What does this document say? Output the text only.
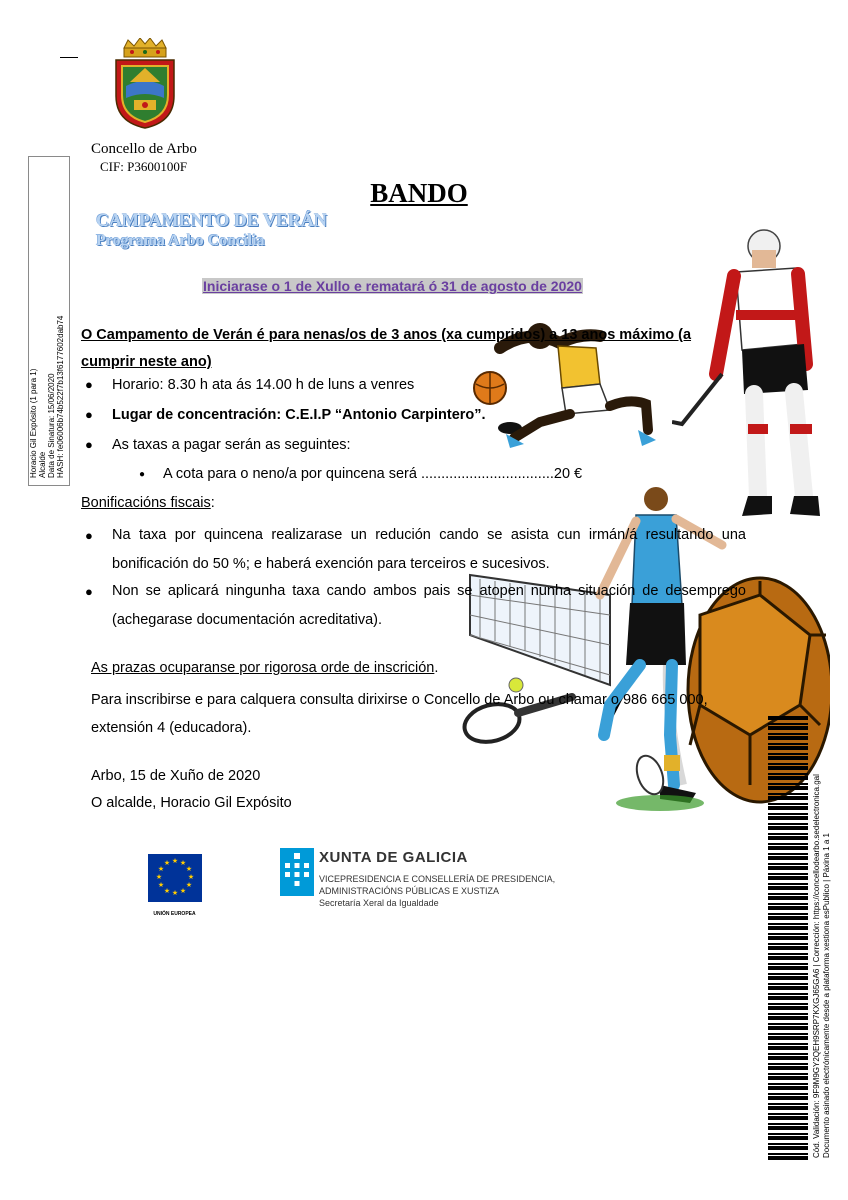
Concello de Arbo
CIF: P3600100F
BANDO
CAMPAMENTO DE VERÁN
Programa Arbo Concilia
Iniciarase o 1 de Xullo e rematará ó 31 de agosto de 2020
Horacio Gil Expósito (1 para 1) Alcalde Data de Sinatura: 15/06/2020 HASH: fe06006b74b522f7b13f6177602dab74 O Campamento de Verán é para nenas/os de 3 anos (xa cumpridos) a 13 anos máximo (a cumprir neste ano)
● Horario: 8.30 h ata ás 14.00 h de luns a venres
● Lugar de concentración: C.E.I.P “Antonio Carpintero”.
● As taxas a pagar serán as seguintes:
● A cota para o neno/a por quincena será .................................20 €
Bonificacións fiscais:
● Na taxa por quincena realizarase un redución cando se asista cun irmán/á resultando una bonificación do 50 %; e haberá exención para terceiros e sucesivos.
● Non se aplicará ningunha taxa cando ambos pais se atopen nunha situación de desemprego (achegarase documentación acreditativa).
As prazas ocuparanse por rigorosa orde de inscrición.
Para inscribirse e para calquera consulta dirixirse o Concello de Arbo ou chamar o 986 665 000, extensión 4 (educadora).
Arbo, 15 de Xuño de 2020
O alcalde, Horacio Gil Expósito
★ ★
★
★
★
★
★
★
★
★
★
★
UNIÓN EUROPEA
XUNTA DE GALICIA
VICEPRESIDENCIA E CONSELLERÍA DE PRESIDENCIA,
ADMINISTRACIÓNS PÚBLICAS E XUSTIZA
Secretaría Xeral da Igualdade	Cód. Validación: 9F9M9GY2QEH9SRP7KXGJ65GA6 | Corrección: https://concellodearbo.sedelectronica.gal Documento asinado electrónicamente desde a plataforma xestiona esPublico | Páxina 1 a 1
